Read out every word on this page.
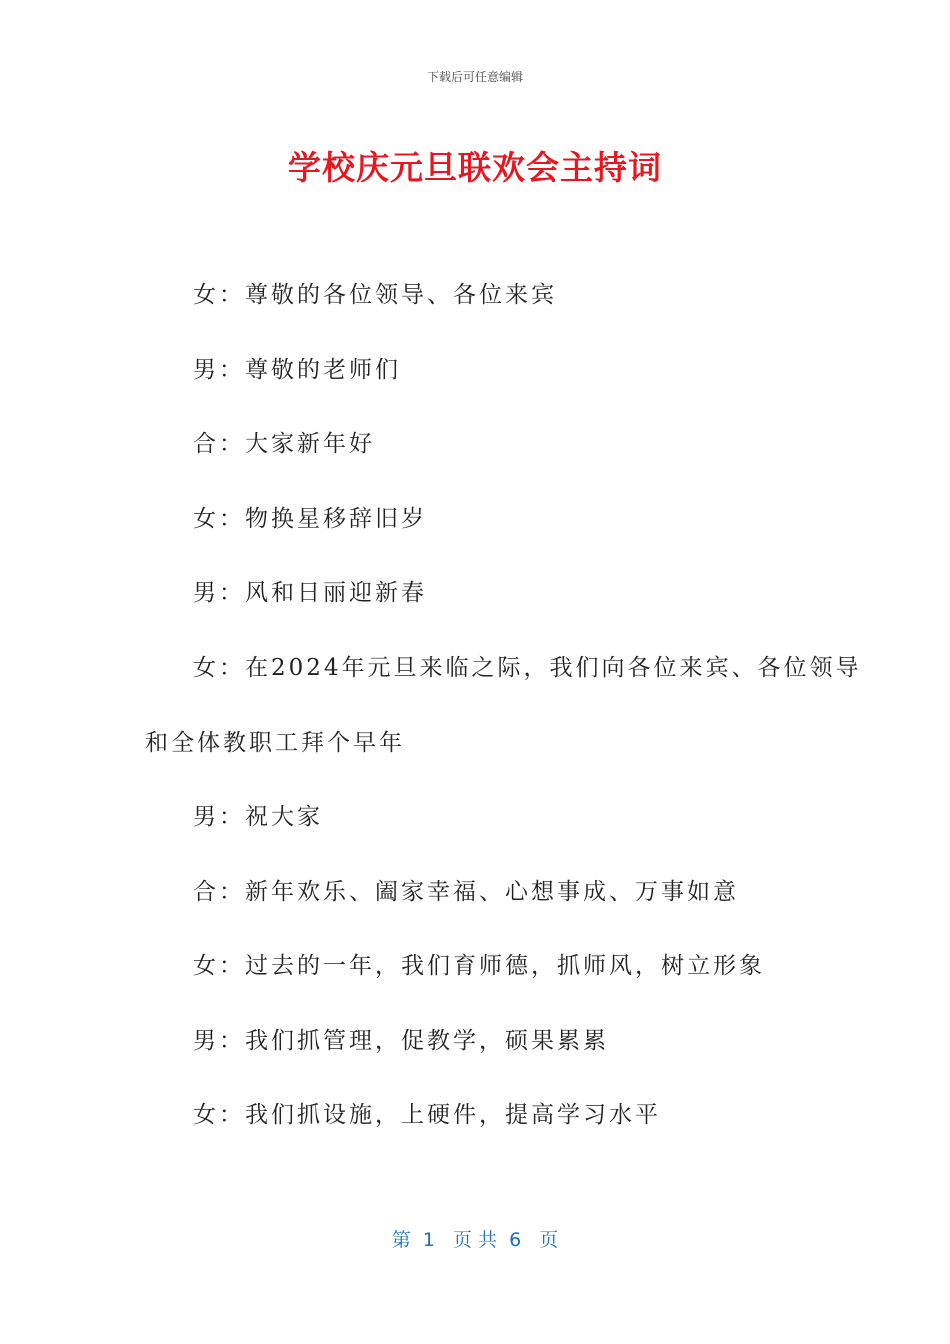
下载后可任意编辑
学校庆元旦联欢会主持词
女：尊敬的各位领导、各位来宾
男：尊敬的老师们
合：大家新年好
女：物换星移辞旧岁
男：风和日丽迎新春
女：在2024年元旦来临之际，我们向各位来宾、各位领导
和全体教职工拜个早年
男：祝大家
合：新年欢乐、阖家幸福、心想事成、万事如意
女：过去的一年，我们育师德，抓师风，树立形象
男：我们抓管理，促教学，硕果累累
女：我们抓设施，上硬件，提高学习水平
第  1   页 共  6   页
